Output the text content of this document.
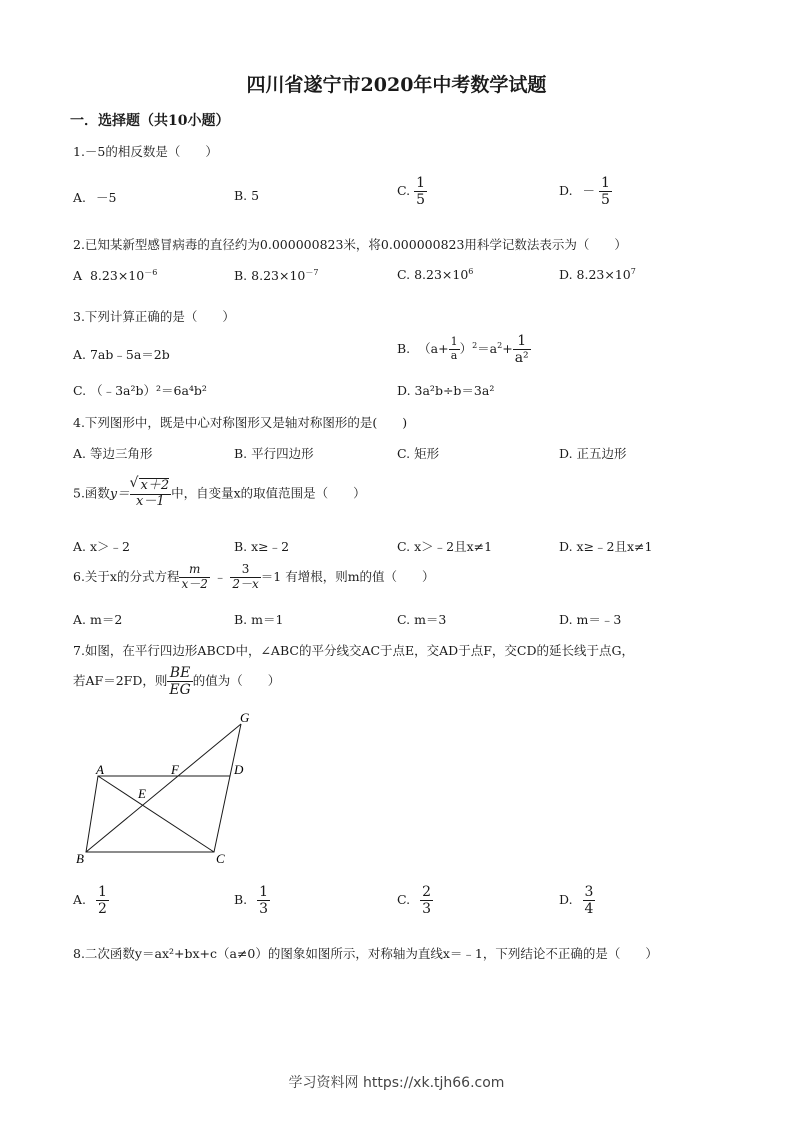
四川省遂宁市2020年中考数学试题
一．选择题（共10小题）
1.－5的相反数是（　　）
A. －5	B. 5	C. $\frac{1}{5}$	D. － $\frac{1}{5}$
2.已知某新型感冒病毒的直径约为0.000000823米，将0.000000823用科学记数法表示为（　　）
A $8.23\times 10^{-6}$	B. $8.23\times 10^{-7}$	C. $8.23\times 10^6$	D. $8.23\times 10^7$
3.下列计算正确的是（　　）
A. 7ab﹣5a＝2b	B. $(a+ \frac{1}{a} )^2=a^2+ \frac{1}{\text{a²}}$
C. （﹣3a²b）²＝6a⁴b²	D. 3a²b÷b＝3a²
4.下列图形中，既是中心对称图形又是轴对称图形的是(　　)
A. 等边三角形	B. 平行四边形	C. 矩形	D. 正五边形
5.函数$y= \frac{√ x+2}{x-1}$ 中，自变量x的取值范围是（　　）
A. x＞﹣2	B. x≥﹣2	C. x＞﹣2且x≠1	D. x≥﹣2且x≠1
6.关于x的分式方程 $\frac{m}{x-2}$ ﹣ $\frac{3}{2-x} =1$ 有增根，则m的值（　　）
A. m＝2	B. m＝1	C. m＝3	D. m＝﹣3
7.如图，在平行四边形ABCD中，∠ABC的平分线交AC于点E，交AD于点F，交CD的延长线于点G，
若AF＝2FD，则 $\frac{BE}{EG}$ 的值为（　　）
A	F	D
E
G
B	C
A. $\frac{1}{2}$	B. $\frac{1}{3}$	C. $\frac{2}{3}$	D. $\frac{3}{4}$
8.二次函数y＝ax²+bx+c（a≠0）的图象如图所示，对称轴为直线x＝﹣1，下列结论不正确的是（　　）
学习资料网 https://xk.tjh66.com
